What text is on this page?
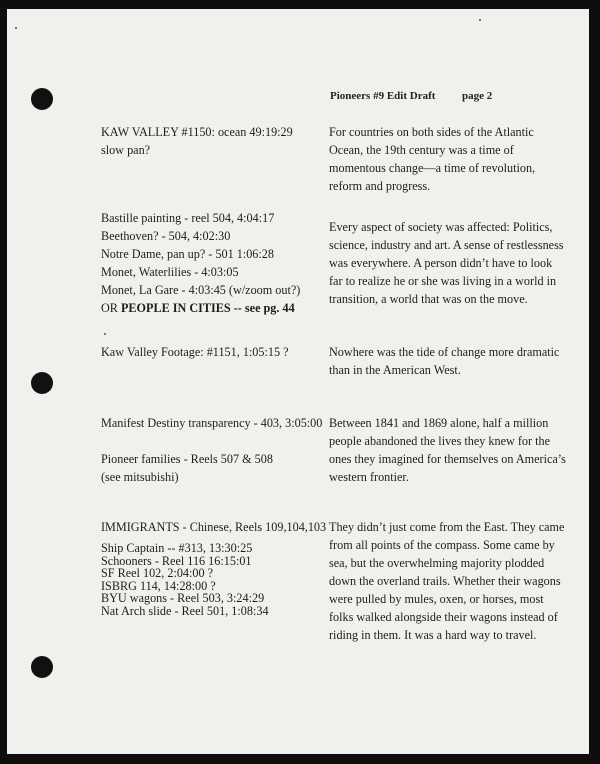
Pioneers #9 Edit Draft page 2
KAW VALLEY #1150: ocean 49:19:29
slow pan?
For countries on both sides of the Atlantic
Ocean, the 19th century was a time of
momentous change—a time of revolution,
reform and progress.
Bastille painting - reel 504, 4:04:17
Beethoven? - 504, 4:02:30
Notre Dame, pan up? - 501 1:06:28
Monet, Waterlilies - 4:03:05
Monet, La Gare - 4:03:45 (w/zoom out?)
OR PEOPLE IN CITIES -- see pg. 44
Every aspect of society was affected: Politics,
science, industry and art. A sense of restlessness
was everywhere. A person didn’t have to look
far to realize he or she was living in a world in
transition, a world that was on the move.
Kaw Valley Footage: #1151, 1:05:15 ?	Nowhere was the tide of change more dramatic
than in the American West.
Manifest Destiny transparency - 403, 3:05:00
Pioneer families - Reels 507 & 508
(see mitsubishi)
Between 1841 and 1869 alone, half a million
people abandoned the lives they knew for the
ones they imagined for themselves on America’s
western frontier.
IMMIGRANTS - Chinese, Reels 109,104,103
Ship Captain -- #313, 13:30:25
Schooners - Reel 116 16:15:01
SF Reel 102, 2:04:00 ?
ISBRG 114, 14:28:00 ?
BYU wagons - Reel 503, 3:24:29
Nat Arch slide - Reel 501, 1:08:34
They didn’t just come from the East. They came
from all points of the compass. Some came by
sea, but the overwhelming majority plodded
down the overland trails. Whether their wagons
were pulled by mules, oxen, or horses, most
folks walked alongside their wagons instead of
riding in them. It was a hard way to travel.
